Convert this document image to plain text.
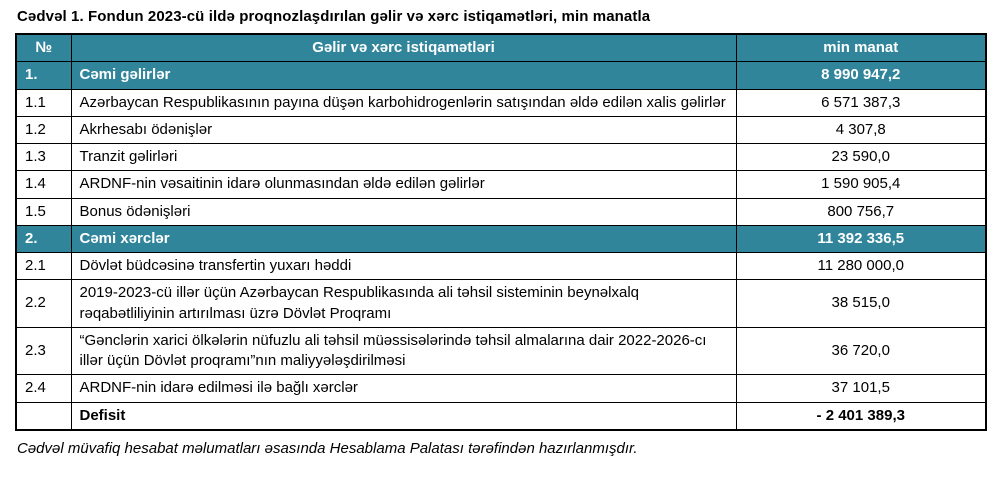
Cədvəl 1. Fondun 2023-cü ildə proqnozlaşdırılan gəlir və xərc istiqamətləri, min manatla
№	Gəlir və xərc istiqamətləri	min manat
1.	Cəmi gəlirlər	8 990 947,2
1.1	Azərbaycan Respublikasının payına düşən karbohidrogenlərin satışından əldə edilən xalis gəlirlər	6 571 387,3
1.2	Akrhesabı ödənişlər	4 307,8
1.3	Tranzit gəlirləri	23 590,0
1.4	ARDNF-nin vəsaitinin idarə olunmasından əldə edilən gəlirlər	1 590 905,4
1.5	Bonus ödənişləri	800 756,7
2.	Cəmi xərclər	11 392 336,5
2.1	Dövlət büdcəsinə transfertin yuxarı həddi	11 280 000,0
2.2	2019-2023-cü illər üçün Azərbaycan Respublikasında ali təhsil sisteminin beynəlxalq rəqabətliliyinin artırılması üzrə Dövlət Proqramı	38 515,0
2.3	“Gənclərin xarici ölkələrin nüfuzlu ali təhsil müəssisələrində təhsil almalarına dair 2022-2026-cı illər üçün Dövlət proqramı”nın maliyyələşdirilməsi	36 720,0
2.4	ARDNF-nin idarə edilməsi ilə bağlı xərclər	37 101,5
	Defisit	- 2 401 389,3
Cədvəl müvafiq hesabat məlumatları əsasında Hesablama Palatası tərəfindən hazırlanmışdır.
